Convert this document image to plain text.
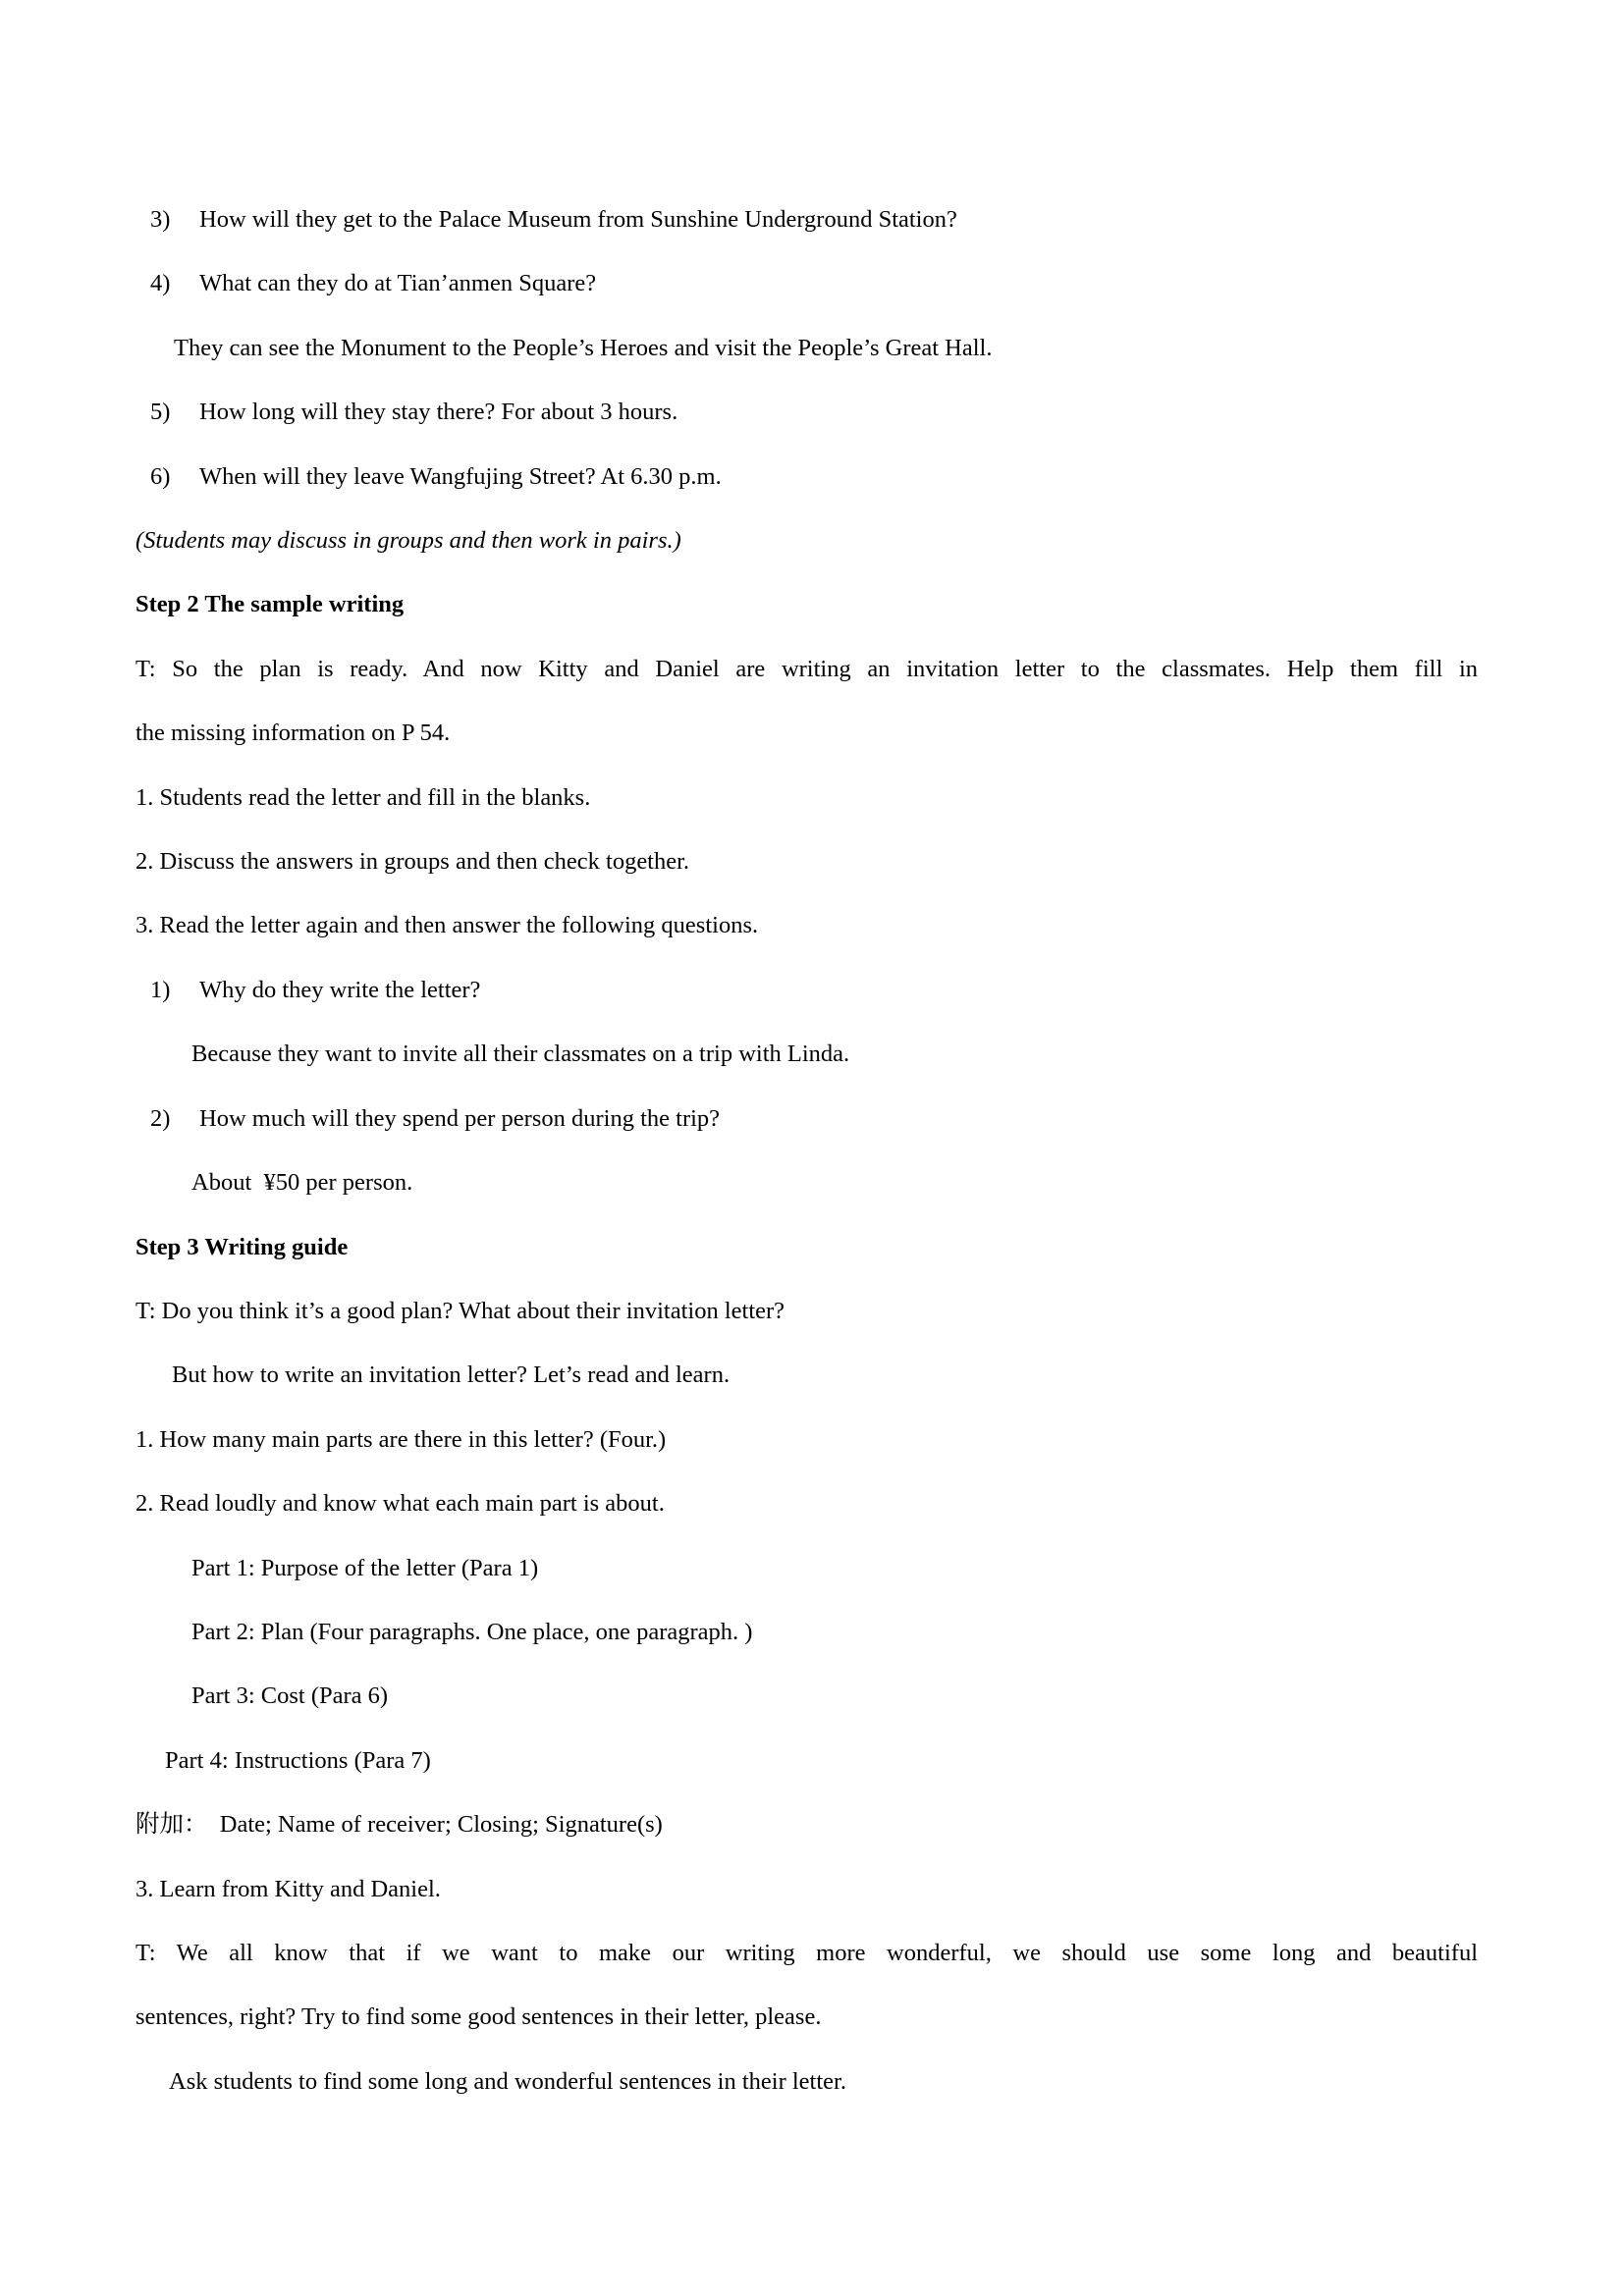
3) How will they get to the Palace Museum from Sunshine Underground Station?
4) What can they do at Tian’anmen Square?
They can see the Monument to the People’s Heroes and visit the People’s Great Hall.
5) How long will they stay there? For about 3 hours.
6) When will they leave Wangfujing Street? At 6.30 p.m.
(Students may discuss in groups and then work in pairs.)
Step 2 The sample writing
T: So the plan is ready. And now Kitty and Daniel are writing an invitation letter to the classmates. Help them fill in
the missing information on P 54.
1. Students read the letter and fill in the blanks.
2. Discuss the answers in groups and then check together.
3. Read the letter again and then answer the following questions.
1) Why do they write the letter?
Because they want to invite all their classmates on a trip with Linda.
2) How much will they spend per person during the trip?
About  ¥50 per person.
Step 3 Writing guide
T: Do you think it’s a good plan? What about their invitation letter?
But how to write an invitation letter? Let’s read and learn.
1. How many main parts are there in this letter? (Four.)
2. Read loudly and know what each main part is about.
Part 1: Purpose of the letter (Para 1)
Part 2: Plan (Four paragraphs. One place, one paragraph. )
Part 3: Cost (Para 6)
Part 4: Instructions (Para 7)
附加：  Date; Name of receiver; Closing; Signature(s)
3. Learn from Kitty and Daniel.
T: We all know that if we want to make our writing more wonderful, we should use some long and beautiful
sentences, right? Try to find some good sentences in their letter, please.
Ask students to find some long and wonderful sentences in their letter.
